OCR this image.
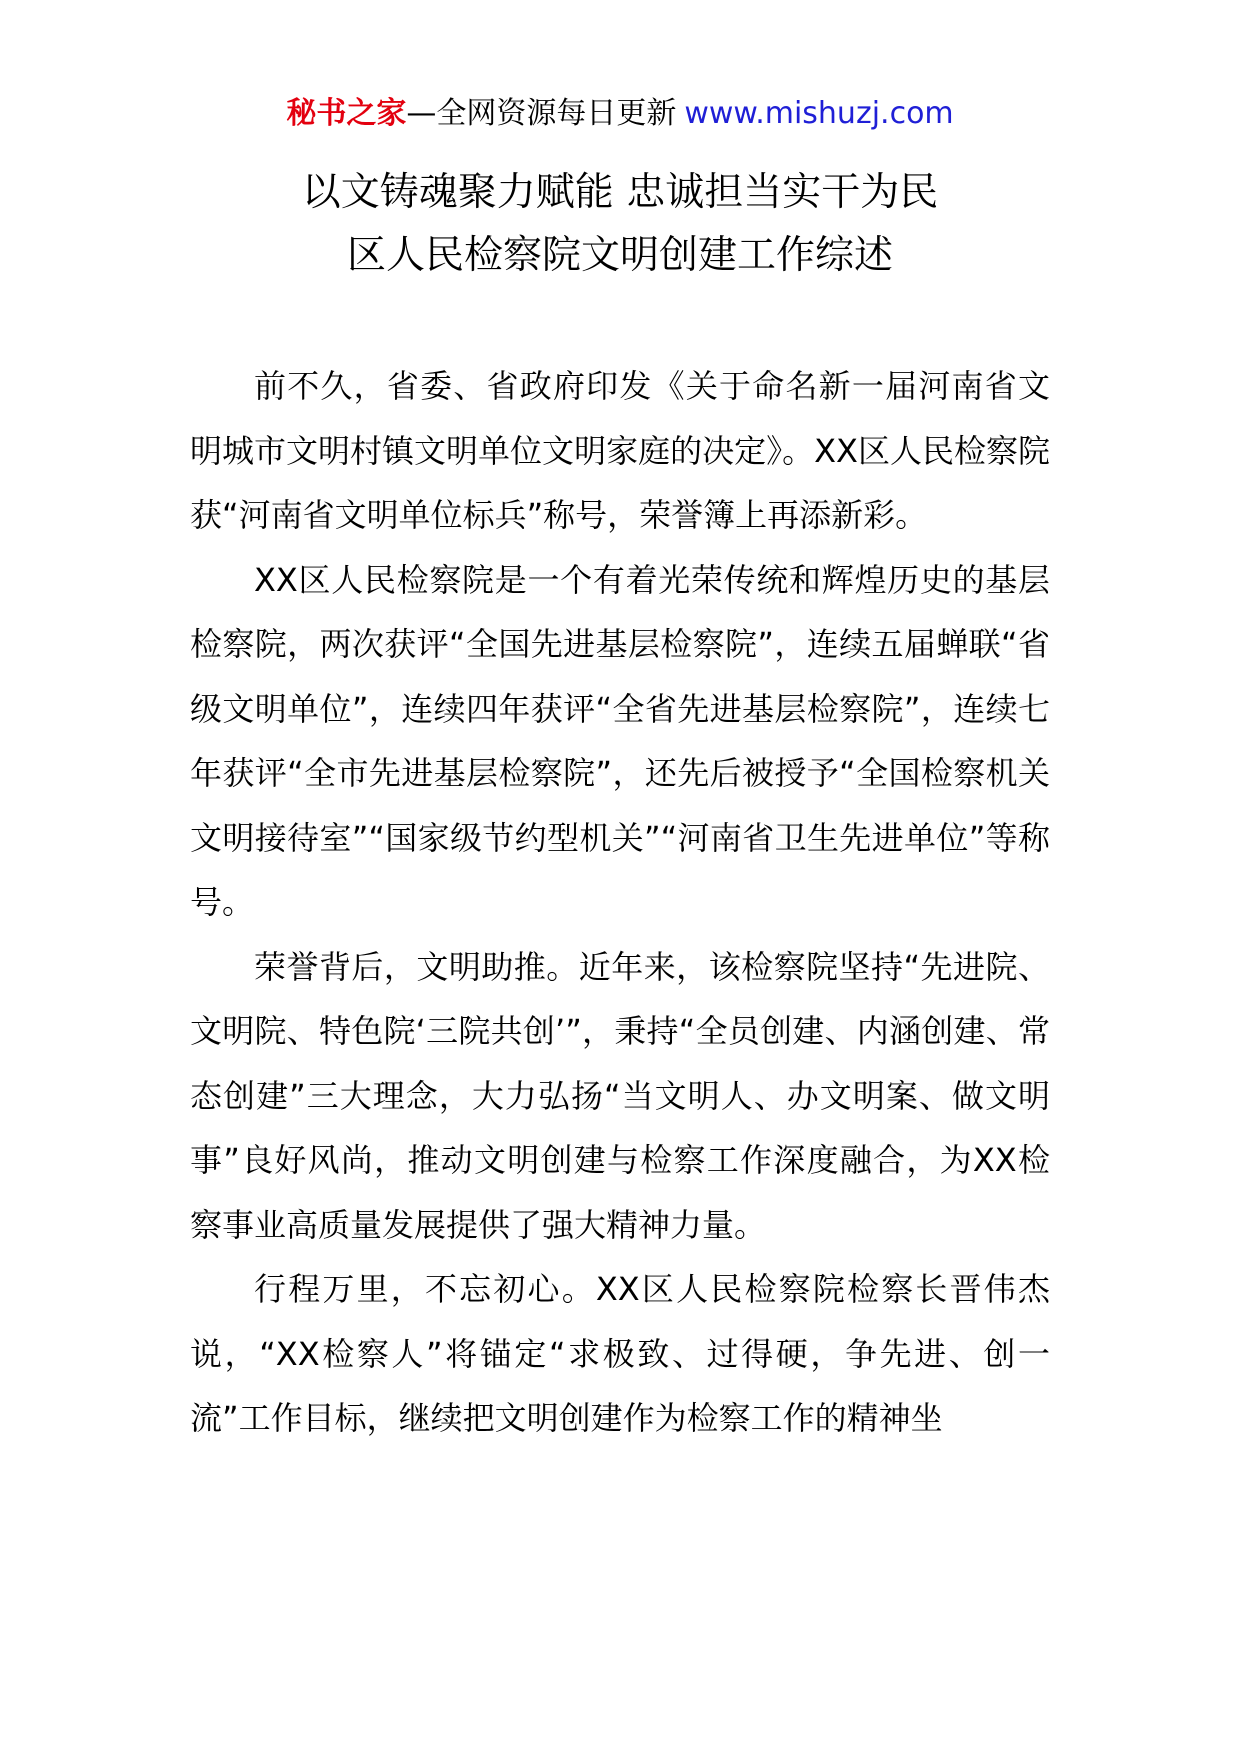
秘书之家—全网资源每日更新 www.mishuzj.com
以文铸魂聚力赋能 忠诚担当实干为民
区人民检察院文明创建工作综述

前不久，省委、省政府印发《关于命名新一届河南省文明城市文明村镇文明单位文明家庭的决定》。XX区人民检察院获“河南省文明单位标兵”称号，荣誉簿上再添新彩。

XX区人民检察院是一个有着光荣传统和辉煌历史的基层检察院，两次获评“全国先进基层检察院”，连续五届蝉联“省级文明单位”，连续四年获评“全省先进基层检察院”，连续七年获评“全市先进基层检察院”，还先后被授予“全国检察机关文明接待室”“国家级节约型机关”“河南省卫生先进单位”等称号。

荣誉背后，文明助推。近年来，该检察院坚持“先进院、文明院、特色院‘三院共创’”，秉持“全员创建、内涵创建、常态创建”三大理念，大力弘扬“当文明人、办文明案、做文明事”良好风尚，推动文明创建与检察工作深度融合，为XX检察事业高质量发展提供了强大精神力量。

行程万里，不忘初心。XX区人民检察院检察长晋伟杰说，“XX检察人”将锚定“求极致、过得硬，争先进、创一流”工作目标，继续把文明创建作为检察工作的精神坐
